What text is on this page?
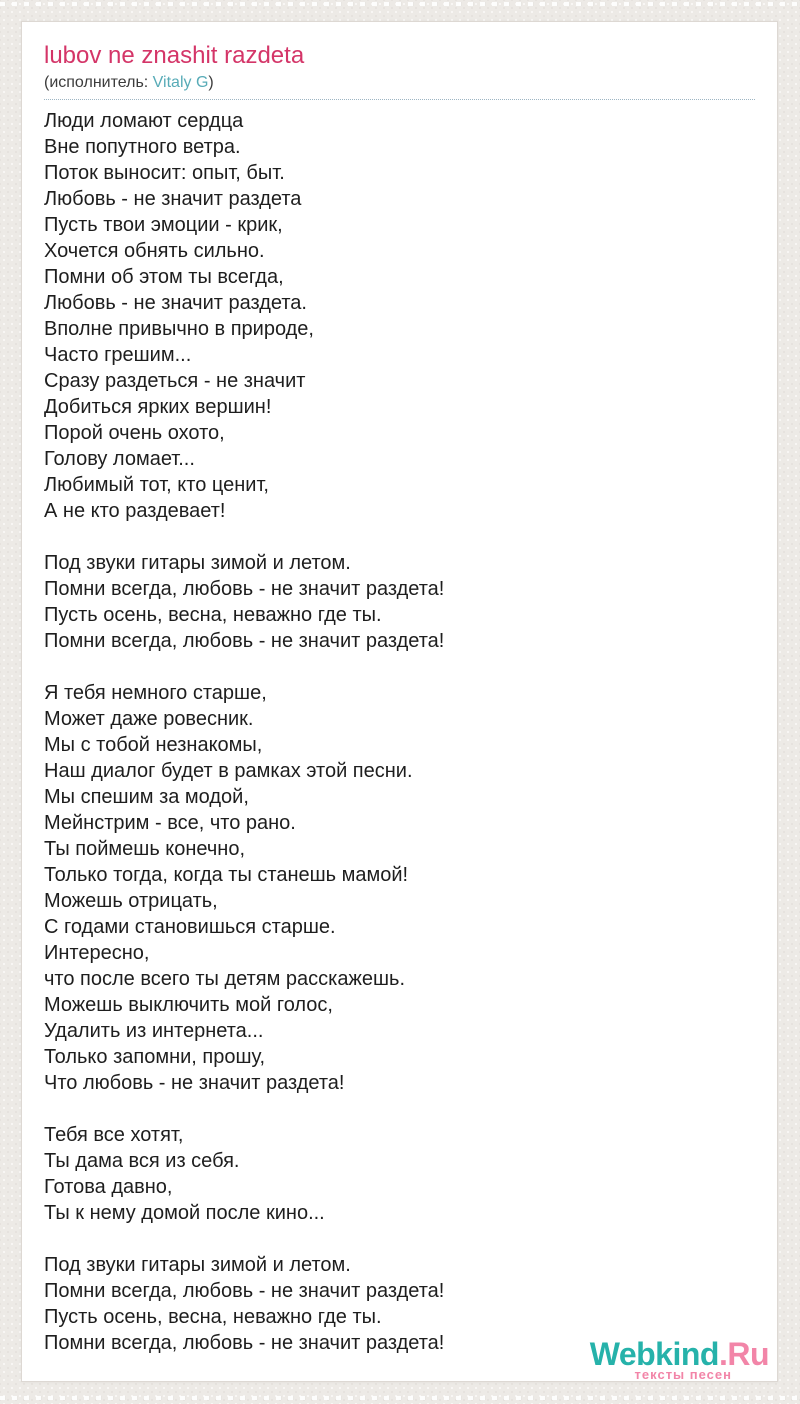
lubov ne znashit razdeta
(исполнитель: Vitaly G)
Люди ломают сердца
Вне попутного ветра.
Поток выносит: опыт, быт.
Любовь - не значит раздета
Пусть твои эмоции - крик,
Хочется обнять сильно.
Помни об этом ты всегда,
Любовь - не значит раздета.
Вполне привычно в природе,
Часто грешим...
Сразу раздеться - не значит
Добиться ярких вершин!
Порой очень охото,
Голову ломает...
Любимый тот, кто ценит,
А не кто раздевает!
Под звуки гитары зимой и летом.
Помни всегда, любовь - не значит раздета!
Пусть осень, весна, неважно где ты.
Помни всегда, любовь - не значит раздета!
Я тебя немного старше,
Может даже ровесник.
Мы с тобой незнакомы,
Наш диалог будет в рамках этой песни.
Мы спешим за модой,
Мейнстрим - все, что рано.
Ты поймешь конечно,
Только тогда, когда ты станешь мамой!
Можешь отрицать,
С годами становишься старше.
Интересно,
что после всего ты детям расскажешь.
Можешь выключить мой голос,
Удалить из интернета...
Только запомни, прошу,
Что любовь - не значит раздета!
Тебя все хотят,
Ты дама вся из себя.
Готова давно,
Ты к нему домой после кино...
Под звуки гитары зимой и летом.
Помни всегда, любовь - не значит раздета!
Пусть осень, весна, неважно где ты.
Помни всегда, любовь - не значит раздета!	Webkind.Ru
тексты песен
